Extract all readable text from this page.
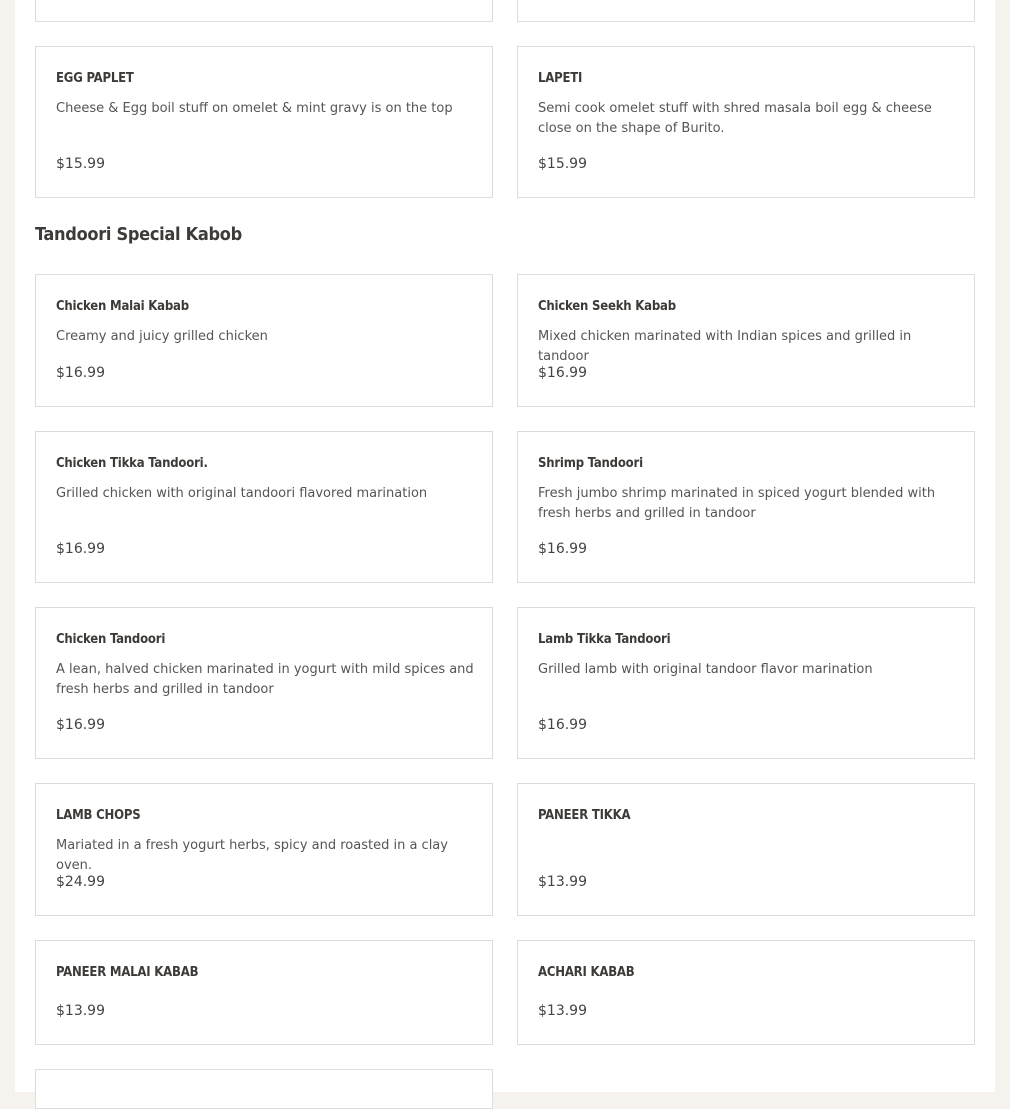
EGG PAPLET
Cheese & Egg boil stuff on omelet & mint gravy is on the top
$15.99
LAPETI
Semi cook omelet stuff with shred masala boil egg & cheese close on the shape of Burito.
$15.99
Tandoori Special Kabob
Chicken Malai Kabab
Creamy and juicy grilled chicken
$16.99
Chicken Seekh Kabab
Mixed chicken marinated with Indian spices and grilled in tandoor
$16.99
Chicken Tikka Tandoori.
Grilled chicken with original tandoori flavored marination
$16.99
Shrimp Tandoori
Fresh jumbo shrimp marinated in spiced yogurt blended with fresh herbs and grilled in tandoor
$16.99
Chicken Tandoori
A lean, halved chicken marinated in yogurt with mild spices and fresh herbs and grilled in tandoor
$16.99
Lamb Tikka Tandoori
Grilled lamb with original tandoor flavor marination
$16.99
LAMB CHOPS
Mariated in a fresh yogurt herbs, spicy and roasted in a clay oven.
$24.99
PANEER TIKKA
$13.99
PANEER MALAI KABAB
$13.99
ACHARI KABAB
$13.99
